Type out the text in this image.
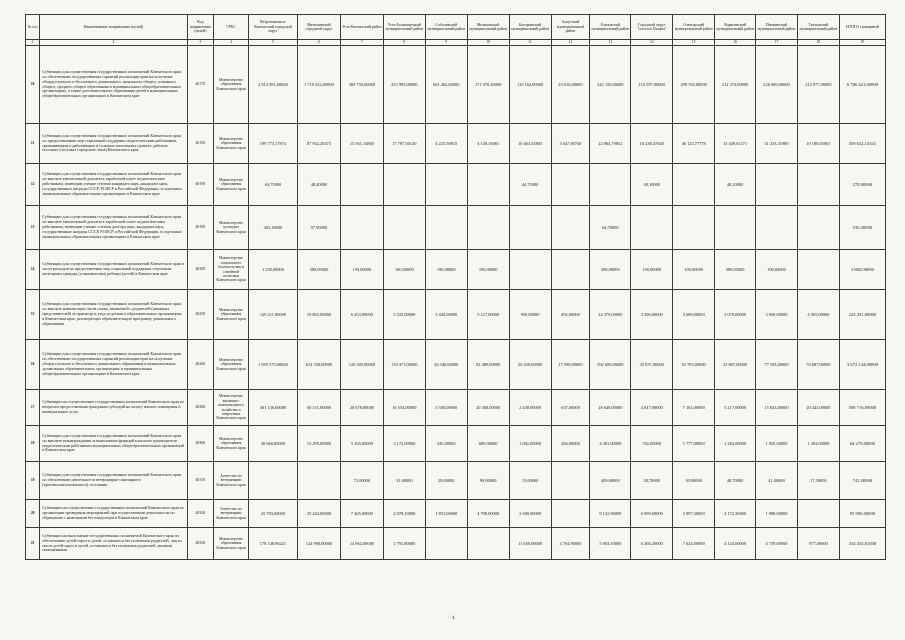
№ п/п	Наименование направления (целей)	Код направления (целей)	ГРБС	Петропавловск-Камчатский городской округ	Вилючинский городской округ	Усть-Камчатский район	Усть-Большерецкий муниципальный район	Соболевский муниципальный район	Мильковский муниципальный район	Быстринский муниципальный район	Алеутский муниципальный район	Елизовский муниципальный район	Городской округ "поселок Палана"	Олюторский муниципальный район	Карагинский муниципальный район	Пенжинский муниципальный район	Тигильский муниципальный район	ИТОГО суммарный
1	2	3	4	5	6	7	8	9	10	11	12	13	14	15	16	17	18	19
10	Субвенции для осуществления государственных полномочий Камчатского края по обеспечению государственных гарантий реализации прав на получение общедоступного и бесплатного дошкольного, начального общего, основного общего, среднего общего образования в муниципальных общеобразовательных организациях, а также дополнительного образования детей в муниципальных общеобразовательных организациях в Камчатском крае	40170	Министерство образования Камчатского края	2 814 581,60000	1 719 432,00000	369 750,60000	253 993,00000	601 462,00000	171 970,40000	110 162,00000	43 616,00000	342 150,00000	116 597,00000	298 702,00000	212 374,00000	226 689,00000	212 977,00000	6 786 421,00000
11	Субвенции для осуществления государственных полномочий Камчатского края по предоставлению мер социальной поддержки педагогическим работникам, проживающим и работающим в сельских населенных пунктах, рабочих поселках (поселках городского типа) Камчатского края	40150	Министерство образования Камчатского края	199 773,17874	87 932,20475	15 561,14865	17 787,50140	4 225,50815	4 149,16081	10 463,45803	3 647,80746	22 064,79852	10 238,47640	46 123,77778	13 449,61371	31 233,31980	10 180,03001	459 632,14341
12	Субвенции для осуществления государственных полномочий Камчатского края по выплате ежемесячной доплаты к заработной плате педагогическим работникам, имеющим ученые степени кандидата наук, кандидата наук, государственных награды СССР, РСФСР и Российской Федерации, в отдельных муниципальных образовательных организациях в Камчатском крае	40190	Министерство образования Камчатского края	64,75000	48,40000					44,75000			48,10000		48,10000			278,00000
13	Субвенции для осуществления государственных полномочий Камчатского края по выплате ежемесячной доплаты к заработной плате педагогическим работникам, имеющим ученые степени доктора наук, кандидата наук, государственные награды СССР, РСФСР и Российской Федерации, в отдельных муниципальных образовательных организациях в Камчатском крае	40190	Министерство культуры Камчатского края	402,30000	97,90000							64,70000						536,30000
14	Субвенции для осуществления государственных полномочий Камчатского края в части расходов на предоставление мер социальной поддержки отдельным категориям граждан (усыновителям) ребенка (детей) в Камчатском крае	40200	Министерство социального благополучия и семейной политики Камчатского края	1 330,00000	380,00000	190,00000	190,00000	190,00000	190,00000			380,00000	190,00000	190,00000	380,00000	190,00000		3 800,00000
15	Субвенции для осуществления государственных полномочий Камчатского края по выплате компенсации части платы, взимаемой с родителей (законных представителей) за присмотр и уход за детьми в образовательных организациях в Камчатском крае, реализующих образовательную программу дошкольного образования	40250	Министерство образования Камчатского края	129 211,80000	19 865,00000	6 453,90000	3 525,00000	3 440,00000	5 127,00000	950,00000	492,00000	24 379,00000	3 396,00000	5 689,00000	2 078,00000	3 949,00000	4 905,00000	223 451,00000
16	Субвенции для осуществления государственных полномочий Камчатского края по обеспечению государственных гарантий реализации прав на получение общедоступного и бесплатного дошкольного образования в муниципальных дошкольных образовательных организациях и муниципальных общеобразовательных организациях в Камчатском крае	40260	Министерство образования Камчатского края	1 995 579,00000	612 338,00000	126 305,00000	119 471,00000	26 346,00000	82 480,00000	26 430,00000	17 590,00000	392 609,00000	43 937,00000	63 783,00000	23 867,00000	77 183,00000	53 687,00000	3 672 144,00000
17	Субвенции на осуществление государственных полномочий Камчатского края по вопросам предоставления гражданам субсидий на оплату жилого помещения и коммунальных услуг	40280	Министерство жилищно-коммунального хозяйства и энергетики Камчатского края	361 136,00000	60 131,00000	20 678,00000	16 554,00000	5 500,00000	20 368,00000	2 438,00000	637,00000	28 640,00000	4 047,00000	7 161,00000	5 217,00000	15 843,00000	20 443,00000	508 716,00000
18	Субвенции для осуществления государственных полномочий Камчатского края по выплате вознаграждения за выполнение функций классного руководителя педагогическим работникам муниципальных общеобразовательных организаций в Камчатском крае	40300	Министерство образования Камчатского края	30 660,00000	15 299,00000	5 165,00000	3 173,00000	345,00000	689,00000	1 002,00000	266,00000	4 491,00000	702,00000	1 777,00000	1 284,00000	1 925,00000	1 394,00000	64 279,00000
19	Субвенции для осуществления государственных полномочий Камчатского края по обеспечению деятельности ветеринарно-санитарного (противоэпизоотического) состояния	40310	Агентство по ветеринарии Камчатского края			72,00000	31,00000	28,00000	99,00000	15,00000		409,00000	28,70000	30,90000	48,70000	41,00000	17,50000	741,00000
20	Субвенции на осуществление государственных полномочий Камчатского края по организации проведения мероприятий при осуществлении деятельности по обращению с животными без владельцев в Камчатском крае	40320	Агентство по ветеринарии Камчатского края	25 783,00000	25 443,00000	7 465,00000	4 078,10000	1 853,00000	4 798,00000	3 500,00000		8 132,96000	6 099,69000	2 097,30000	4 172,30000	1 988,00000		95 905,00000
21	Субвенции на выполнение государственных полномочий Камчатского края по обеспечению детей-сирот и детей, оставшихся без попечения родителей, лиц из числа детей-сирот и детей, оставшихся без попечения родителей, жилыми помещениями	40330	Министерство образования Камчатского края	178 148,96221	124 990,00000	14 962,00000	2 791,80000			11 650,00000	4 764,90000	5 803,10000	6 266,20000	7 624,00000	4 124,60000	4 739,00000	977,00000	354 454,81838
4
